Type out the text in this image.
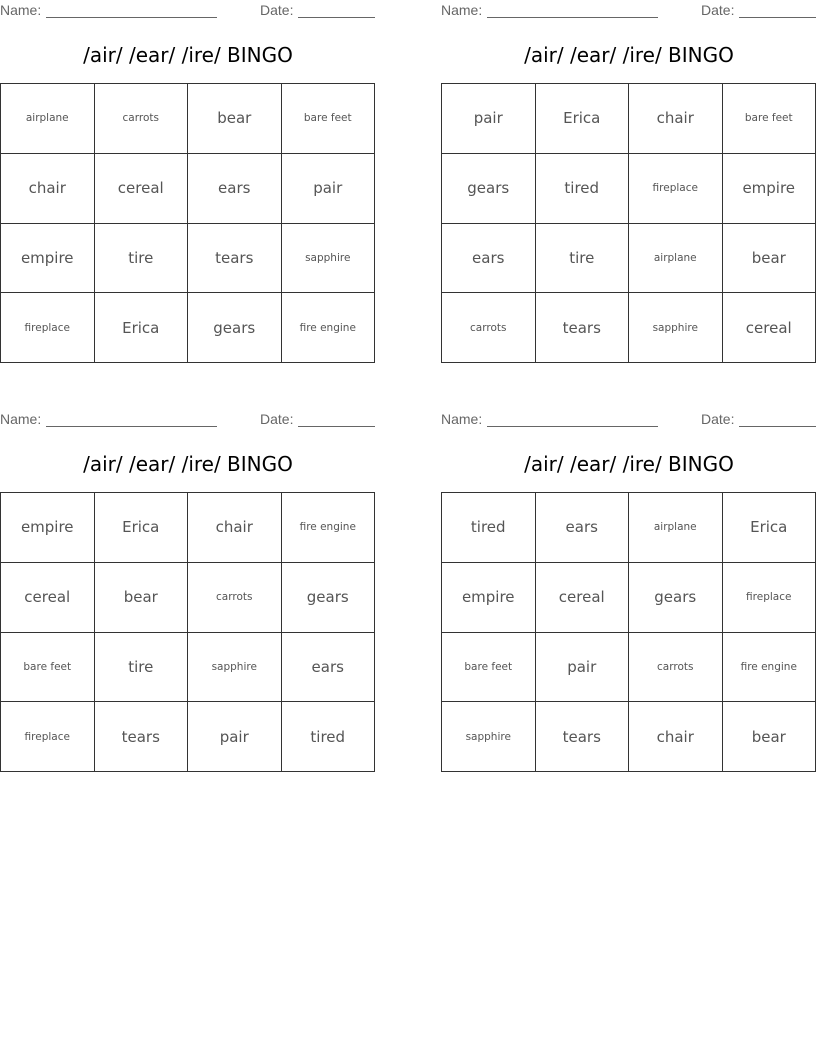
Name:	Date:
/air/ /ear/ /ire/ BINGO
airplane	carrots	bear	bare feet
chair	cereal	ears	pair
empire	tire	tears	sapphire
fireplace	Erica	gears	fire engine
Name:	Date:
/air/ /ear/ /ire/ BINGO
pair	Erica	chair	bare feet
gears	tired	fireplace	empire
ears	tire	airplane	bear
carrots	tears	sapphire	cereal
Name:	Date:
/air/ /ear/ /ire/ BINGO
empire	Erica	chair	fire engine
cereal	bear	carrots	gears
bare feet	tire	sapphire	ears
fireplace	tears	pair	tired
Name:	Date:
/air/ /ear/ /ire/ BINGO
tired	ears	airplane	Erica
empire	cereal	gears	fireplace
bare feet	pair	carrots	fire engine
sapphire	tears	chair	bear
